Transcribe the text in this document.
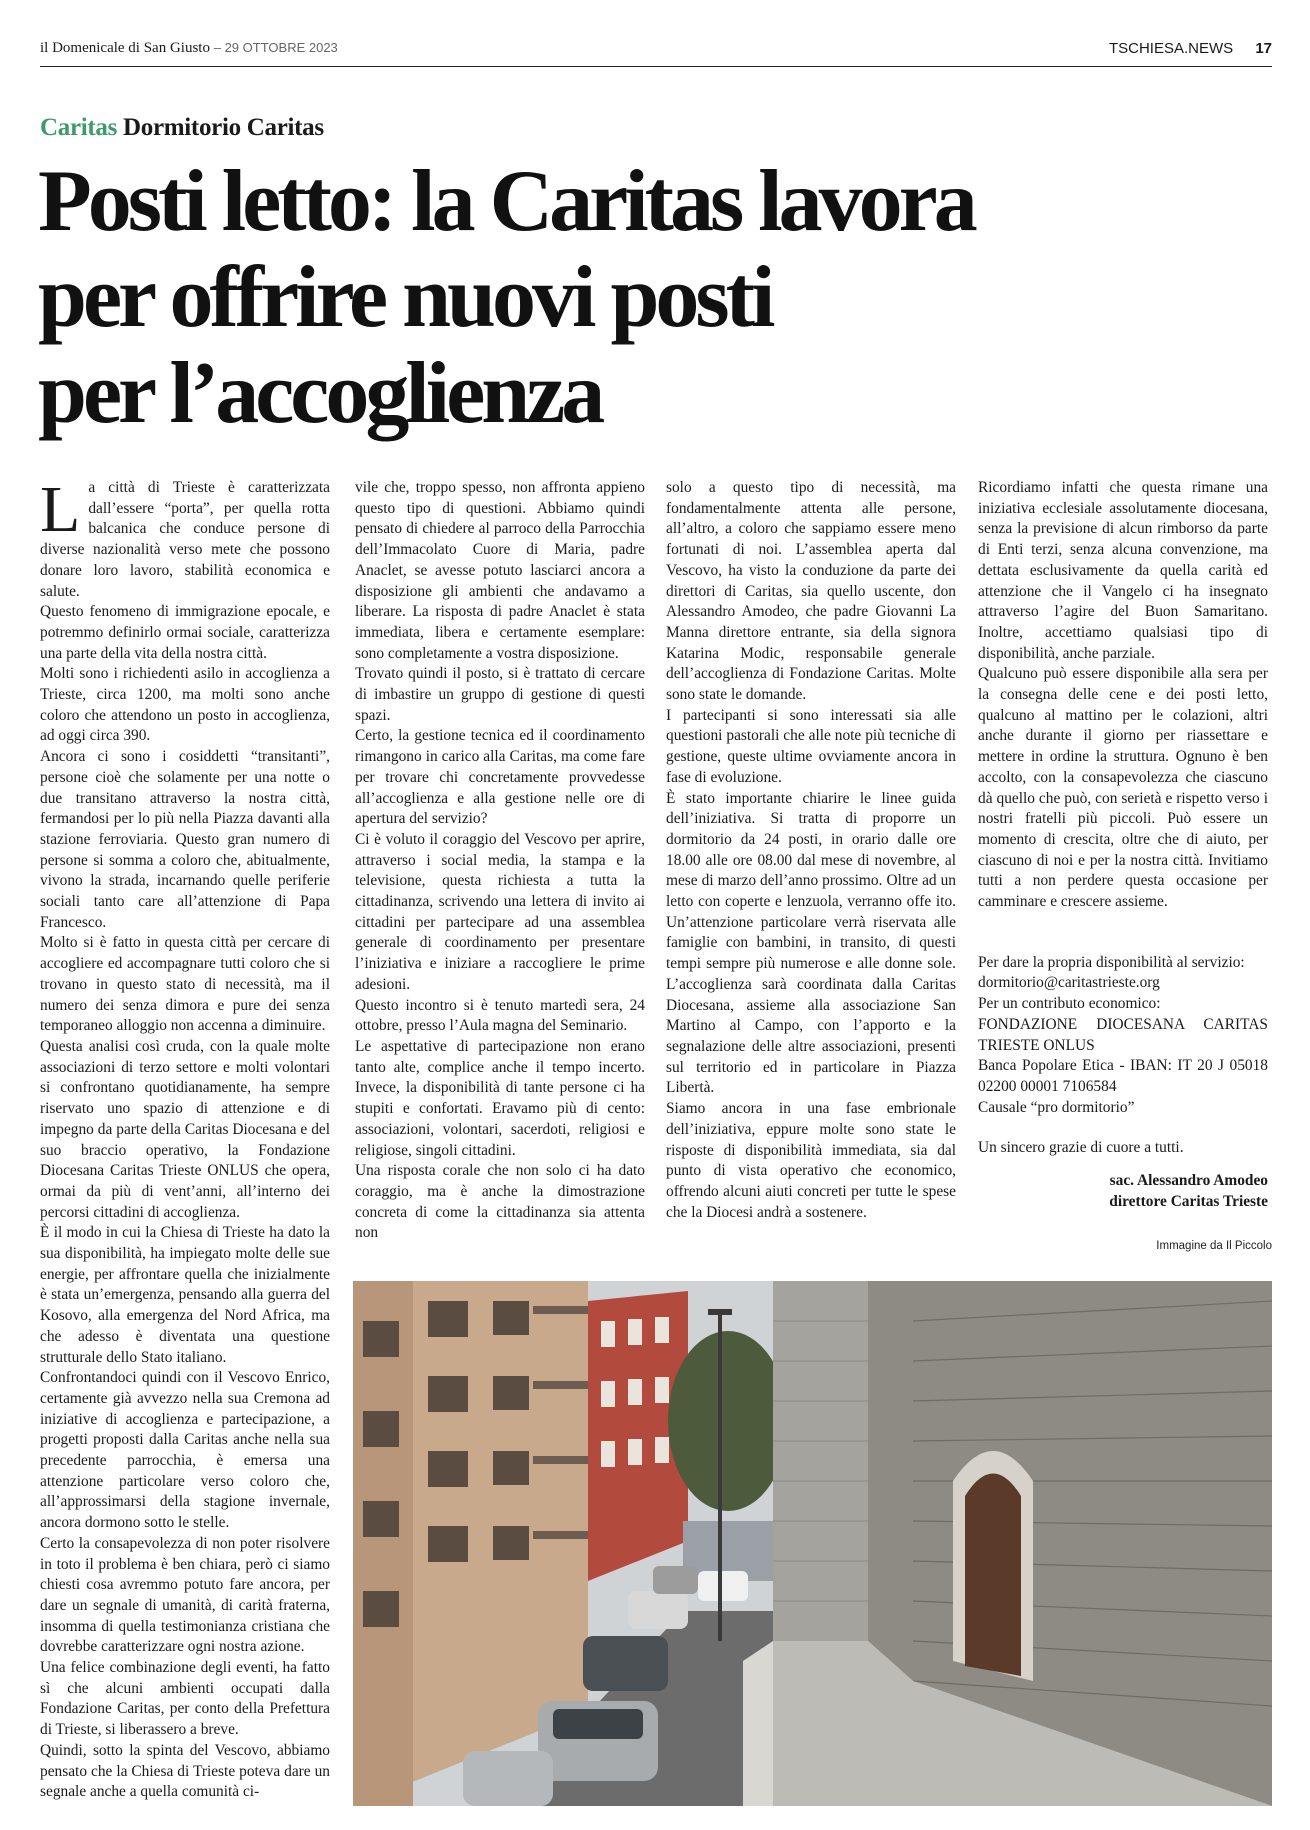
il Domenicale di San Giusto – 29 OTTOBRE 2023	TSCHIESA.NEWS 17
Caritas Dormitorio Caritas
Posti letto: la Caritas lavora
per offrire nuovi posti
per l’accoglienza

La città di Trieste è caratterizzata dall’essere “porta”, per quella rotta balcanica che conduce persone di diverse nazionalità verso mete che possono donare loro lavoro, stabilità economica e salute.

Questo fenomeno di immigrazione epocale, e potremmo definirlo ormai sociale, caratterizza una parte della vita della nostra città.

Molti sono i richiedenti asilo in accoglienza a Trieste, circa 1200, ma molti sono anche coloro che attendono un posto in accoglienza, ad oggi circa 390.

Ancora ci sono i cosiddetti “transitanti”, persone cioè che solamente per una notte o due transitano attraverso la nostra città, fermandosi per lo più nella Piazza davanti alla stazione ferroviaria. Questo gran numero di persone si somma a coloro che, abitualmente, vivono la strada, incarnando quelle periferie sociali tanto care all’attenzione di Papa Francesco.

Molto si è fatto in questa città per cercare di accogliere ed accompagnare tutti coloro che si trovano in questo stato di necessità, ma il numero dei senza dimora e pure dei senza temporaneo alloggio non accenna a diminuire.

Questa analisi così cruda, con la quale molte associazioni di terzo settore e molti volontari si confrontano quotidianamente, ha sempre riservato uno spazio di attenzione e di impegno da parte della Caritas Diocesana e del suo braccio operativo, la Fondazione Diocesana Caritas Trieste ONLUS che opera, ormai da più di vent’anni, all’interno dei percorsi cittadini di accoglienza.

È il modo in cui la Chiesa di Trieste ha dato la sua disponibilità, ha impiegato molte delle sue energie, per affrontare quella che inizialmente è stata un’emergenza, pensando alla guerra del Kosovo, alla emergenza del Nord Africa, ma che adesso è diventata una questione strutturale dello Stato italiano.

Confrontandoci quindi con il Vescovo Enrico, certamente già avvezzo nella sua Cremona ad iniziative di accoglienza e partecipazione, a progetti proposti dalla Caritas anche nella sua precedente parrocchia, è emersa una attenzione particolare verso coloro che, all’approssimarsi della stagione invernale, ancora dormono sotto le stelle.

Certo la consapevolezza di non poter risolvere in toto il problema è ben chiara, però ci siamo chiesti cosa avremmo potuto fare ancora, per dare un segnale di umanità, di carità fraterna, insomma di quella testimonianza cristiana che dovrebbe caratterizzare ogni nostra azione.

Una felice combinazione degli eventi, ha fatto sì che alcuni ambienti occupati dalla Fondazione Caritas, per conto della Prefettura di Trieste, si liberassero a breve.

Quindi, sotto la spinta del Vescovo, abbiamo pensato che la Chiesa di Trieste poteva dare un segnale anche a quella comunità ci-

vile che, troppo spesso, non affronta appieno questo tipo di questioni. Abbiamo quindi pensato di chiedere al parroco della Parrocchia dell’Immacolato Cuore di Maria, padre Anaclet, se avesse potuto lasciarci ancora a disposizione gli ambienti che andavamo a liberare. La risposta di padre Anaclet è stata immediata, libera e certamente esemplare: sono completamente a vostra disposizione.

Trovato quindi il posto, si è trattato di cercare di imbastire un gruppo di gestione di questi spazi.

Certo, la gestione tecnica ed il coordinamento rimangono in carico alla Caritas, ma come fare per trovare chi concretamente provvedesse all’accoglienza e alla gestione nelle ore di apertura del servizio?

Ci è voluto il coraggio del Vescovo per aprire, attraverso i social media, la stampa e la televisione, questa richiesta a tutta la cittadinanza, scrivendo una lettera di invito ai cittadini per partecipare ad una assemblea generale di coordinamento per presentare l’iniziativa e iniziare a raccogliere le prime adesioni.

Questo incontro si è tenuto martedì sera, 24 ottobre, presso l’Aula magna del Seminario.

Le aspettative di partecipazione non erano tanto alte, complice anche il tempo incerto. Invece, la disponibilità di tante persone ci ha stupiti e confortati. Eravamo più di cento: associazioni, volontari, sacerdoti, religiosi e religiose, singoli cittadini.

Una risposta corale che non solo ci ha dato coraggio, ma è anche la dimostrazione concreta di come la cittadinanza sia attenta non

solo a questo tipo di necessità, ma fondamentalmente attenta alle persone, all’altro, a coloro che sappiamo essere meno fortunati di noi. L’assemblea aperta dal Vescovo, ha visto la conduzione da parte dei direttori di Caritas, sia quello uscente, don Alessandro Amodeo, che padre Giovanni La Manna direttore entrante, sia della signora Katarina Modic, responsabile generale dell’accoglienza di Fondazione Caritas. Molte sono state le domande.

I partecipanti si sono interessati sia alle questioni pastorali che alle note più tecniche di gestione, queste ultime ovviamente ancora in fase di evoluzione.

È stato importante chiarire le linee guida dell’iniziativa. Si tratta di proporre un dormitorio da 24 posti, in orario dalle ore 18.00 alle ore 08.00 dal mese di novembre, al mese di marzo dell’anno prossimo. Oltre ad un letto con coperte e lenzuola, verranno offe ito. Un’attenzione particolare verrà riservata alle famiglie con bambini, in transito, di questi tempi sempre più numerose e alle donne sole. L’accoglienza sarà coordinata dalla Caritas Diocesana, assieme alla associazione San Martino al Campo, con l’apporto e la segnalazione delle altre associazioni, presenti sul territorio ed in particolare in Piazza Libertà.

Siamo ancora in una fase embrionale dell’iniziativa, eppure molte sono state le risposte di disponibilità immediata, sia dal punto di vista operativo che economico, offrendo alcuni aiuti concreti per tutte le spese che la Diocesi andrà a sostenere.

Ricordiamo infatti che questa rimane una iniziativa ecclesiale assolutamente diocesana, senza la previsione di alcun rimborso da parte di Enti terzi, senza alcuna convenzione, ma dettata esclusivamente da quella carità ed attenzione che il Vangelo ci ha insegnato attraverso l’agire del Buon Samaritano. Inoltre, accettiamo qualsiasi tipo di disponibilità, anche parziale.

Qualcuno può essere disponibile alla sera per la consegna delle cene e dei posti letto, qualcuno al mattino per le colazioni, altri anche durante il giorno per riassettare e mettere in ordine la struttura. Ognuno è ben accolto, con la consapevolezza che ciascuno dà quello che può, con serietà e rispetto verso i nostri fratelli più piccoli. Può essere un momento di crescita, oltre che di aiuto, per ciascuno di noi e per la nostra città. Invitiamo tutti a non perdere questa occasione per camminare e crescere assieme.

Per dare la propria disponibilità al servizio:

dormitorio@caritastrieste.org

Per un contributo economico:

FONDAZIONE DIOCESANA CARITAS TRIESTE ONLUS

Banca Popolare Etica - IBAN: IT 20 J 05018 02200 00001 7106584

Causale “pro dormitorio”

Un sincero grazie di cuore a tutti.

sac. Alessandro Amodeo
direttore Caritas Trieste
Immagine da Il Piccolo
